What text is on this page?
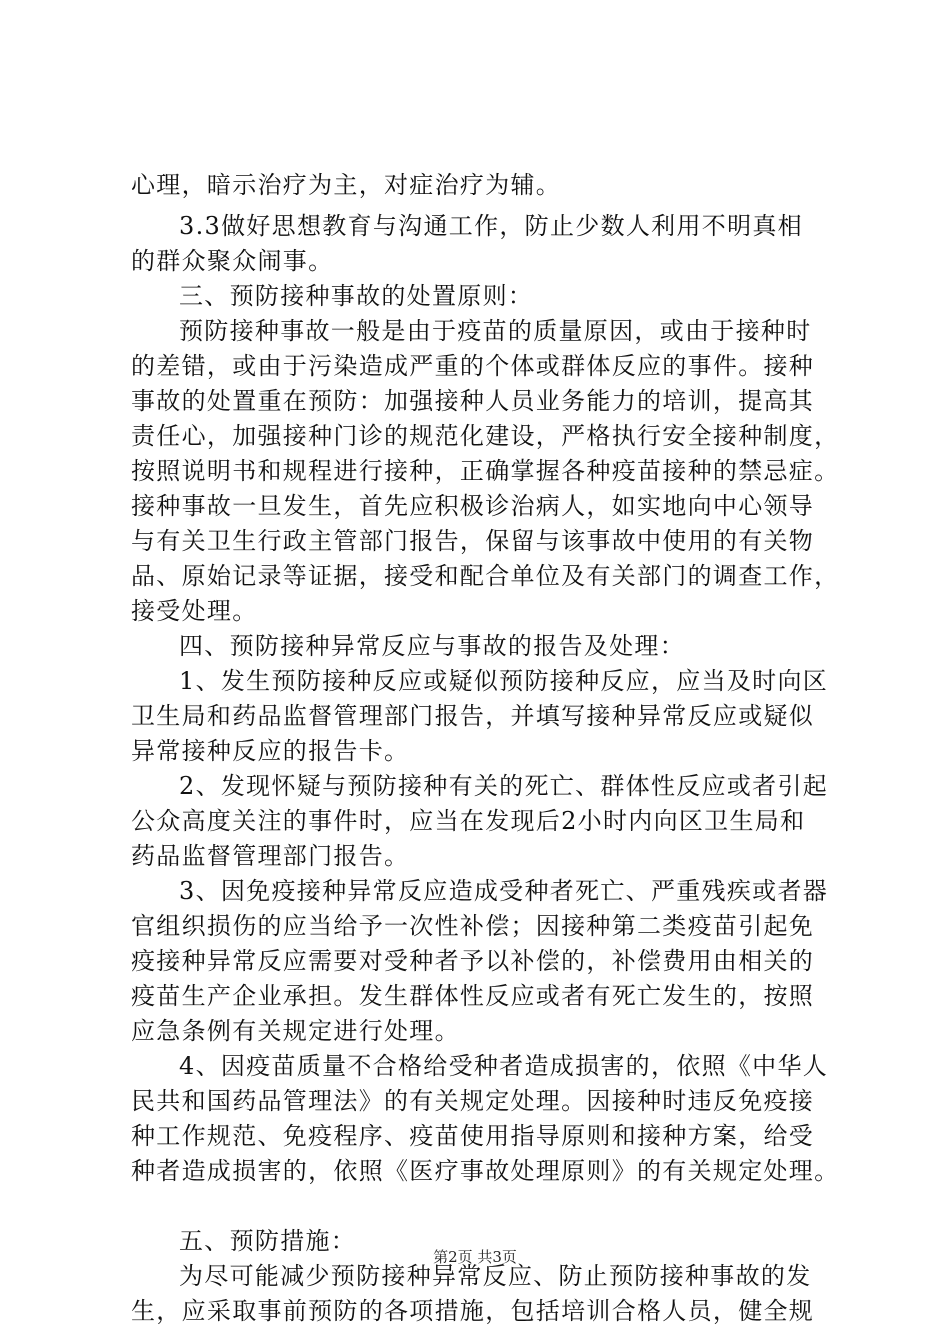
心理，暗示治疗为主，对症治疗为辅。
3.3做好思想教育与沟通工作，防止少数人利用不明真相
的群众聚众闹事。
三、预防接种事故的处置原则：
预防接种事故一般是由于疫苗的质量原因，或由于接种时
的差错，或由于污染造成严重的个体或群体反应的事件。接种
事故的处置重在预防：加强接种人员业务能力的培训，提高其
责任心，加强接种门诊的规范化建设，严格执行安全接种制度，
按照说明书和规程进行接种，正确掌握各种疫苗接种的禁忌症。
接种事故一旦发生，首先应积极诊治病人，如实地向中心领导
与有关卫生行政主管部门报告，保留与该事故中使用的有关物
品、原始记录等证据，接受和配合单位及有关部门的调查工作，
接受处理。
四、预防接种异常反应与事故的报告及处理：
1、发生预防接种反应或疑似预防接种反应，应当及时向区
卫生局和药品监督管理部门报告，并填写接种异常反应或疑似
异常接种反应的报告卡。
2、发现怀疑与预防接种有关的死亡、群体性反应或者引起
公众高度关注的事件时，应当在发现后2小时内向区卫生局和
药品监督管理部门报告。
3、因免疫接种异常反应造成受种者死亡、严重残疾或者器
官组织损伤的应当给予一次性补偿；因接种第二类疫苗引起免
疫接种异常反应需要对受种者予以补偿的，补偿费用由相关的
疫苗生产企业承担。发生群体性反应或者有死亡发生的，按照
应急条例有关规定进行处理。
4、因疫苗质量不合格给受种者造成损害的，依照《中华人
民共和国药品管理法》的有关规定处理。因接种时违反免疫接
种工作规范、免疫程序、疫苗使用指导原则和接种方案，给受
种者造成损害的，依照《医疗事故处理原则》的有关规定处理。
五、预防措施：
为尽可能减少预防接种异常反应、防止预防接种事故的发
生，应采取事前预防的各项措施，包括培训合格人员，健全规
第2页 共3页
